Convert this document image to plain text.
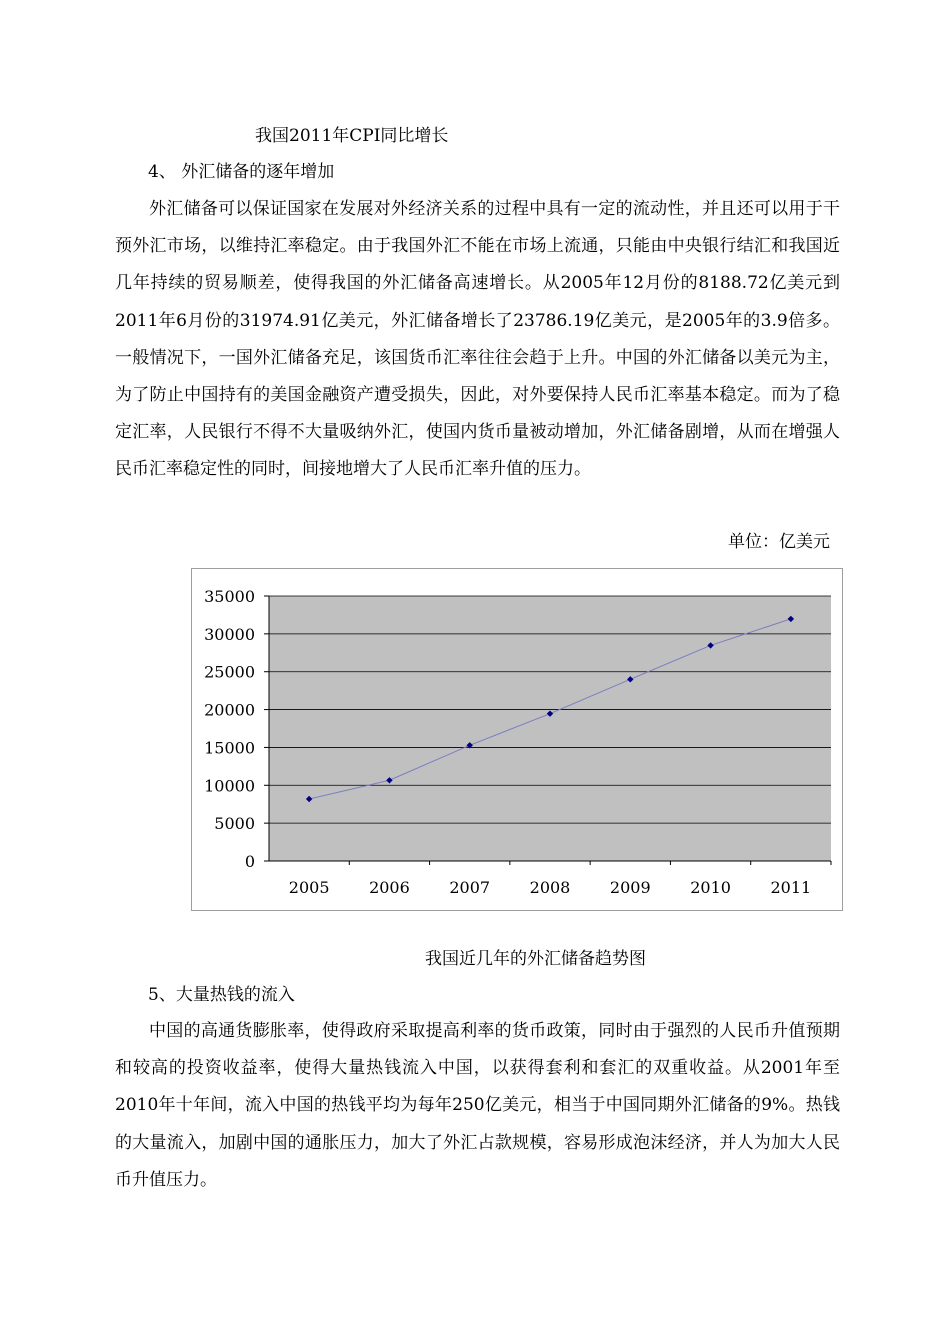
我国2011年CPI同比增长
4、 外汇储备的逐年增加
外汇储备可以保证国家在发展对外经济关系的过程中具有一定的流动性，并且还可以用于干预外汇市场，以维持汇率稳定。由于我国外汇不能在市场上流通，只能由中央银行结汇和我国近几年持续的贸易顺差，使得我国的外汇储备高速增长。从2005年12月份的8188.72亿美元到2011年6月份的31974.91亿美元，外汇储备增长了23786.19亿美元，是2005年的3.9倍多。一般情况下，一国外汇储备充足，该国货币汇率往往会趋于上升。中国的外汇储备以美元为主，为了防止中国持有的美国金融资产遭受损失，因此，对外要保持人民币汇率基本稳定。而为了稳定汇率，人民银行不得不大量吸纳外汇，使国内货币量被动增加，外汇储备剧增，从而在增强人民币汇率稳定性的同时，间接地增大了人民币汇率升值的压力。
单位：亿美元
0
5000
10000
15000
20000
25000
30000
35000
2005 2006 2007 2008 2009 2010 2011
我国近几年的外汇储备趋势图
5、大量热钱的流入
中国的高通货膨胀率，使得政府采取提高利率的货币政策，同时由于强烈的人民币升值预期和较高的投资收益率，使得大量热钱流入中国，以获得套利和套汇的双重收益。从2001年至2010年十年间，流入中国的热钱平均为每年250亿美元，相当于中国同期外汇储备的9%。热钱的大量流入，加剧中国的通胀压力，加大了外汇占款规模，容易形成泡沫经济，并人为加大人民币升值压力。
